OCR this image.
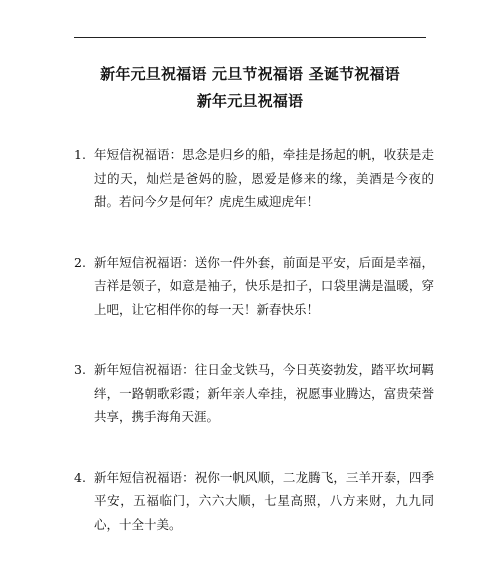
新年元旦祝福语 元旦节祝福语 圣诞节祝福语
新年元旦祝福语
1. 年短信祝福语：思念是归乡的船，牵挂是扬起的帆，收获是走过的天，灿烂是爸妈的脸，恩爱是修来的缘，美酒是今夜的甜。若问今夕是何年？虎虎生威迎虎年！
2. 新年短信祝福语：送你一件外套，前面是平安，后面是幸福，吉祥是领子，如意是袖子，快乐是扣子，口袋里满是温暖，穿上吧，让它相伴你的每一天！新春快乐！
3. 新年短信祝福语：往日金戈铁马，今日英姿勃发，踏平坎坷羁绊，一路朝歌彩霞；新年亲人牵挂，祝愿事业腾达，富贵荣誉共享，携手海角天涯。
4. 新年短信祝福语：祝你一帆风顺，二龙腾飞，三羊开泰，四季平安，五福临门，六六大顺，七星高照，八方来财，九九同心，十全十美。
